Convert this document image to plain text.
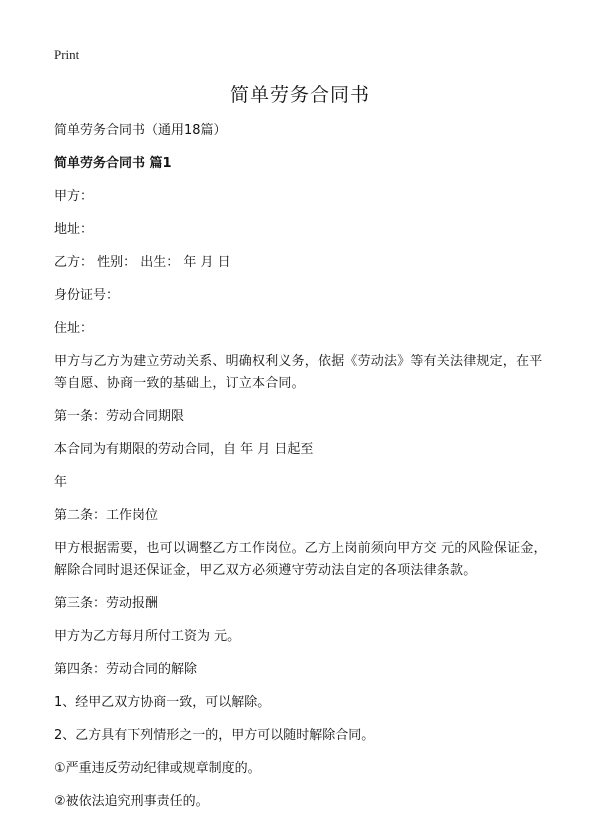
Print
简单劳务合同书

简单劳务合同书（通用18篇）

简单劳务合同书 篇1

甲方：

地址：

乙方： 性别： 出生： 年 月 日

身份证号：

住址：

甲方与乙方为建立劳动关系、明确权利义务，依据《劳动法》等有关法律规定，在平等自愿、协商一致的基础上，订立本合同。

第一条：劳动合同期限

本合同为有期限的劳动合同，自 年 月 日起至

年

第二条：工作岗位

甲方根据需要，也可以调整乙方工作岗位。乙方上岗前须向甲方交 元的风险保证金，解除合同时退还保证金，甲乙双方必须遵守劳动法自定的各项法律条款。

第三条：劳动报酬

甲方为乙方每月所付工资为 元。

第四条：劳动合同的解除

1、经甲乙双方协商一致，可以解除。

2、乙方具有下列情形之一的，甲方可以随时解除合同。

①严重违反劳动纪律或规章制度的。

②被依法追究刑事责任的。
